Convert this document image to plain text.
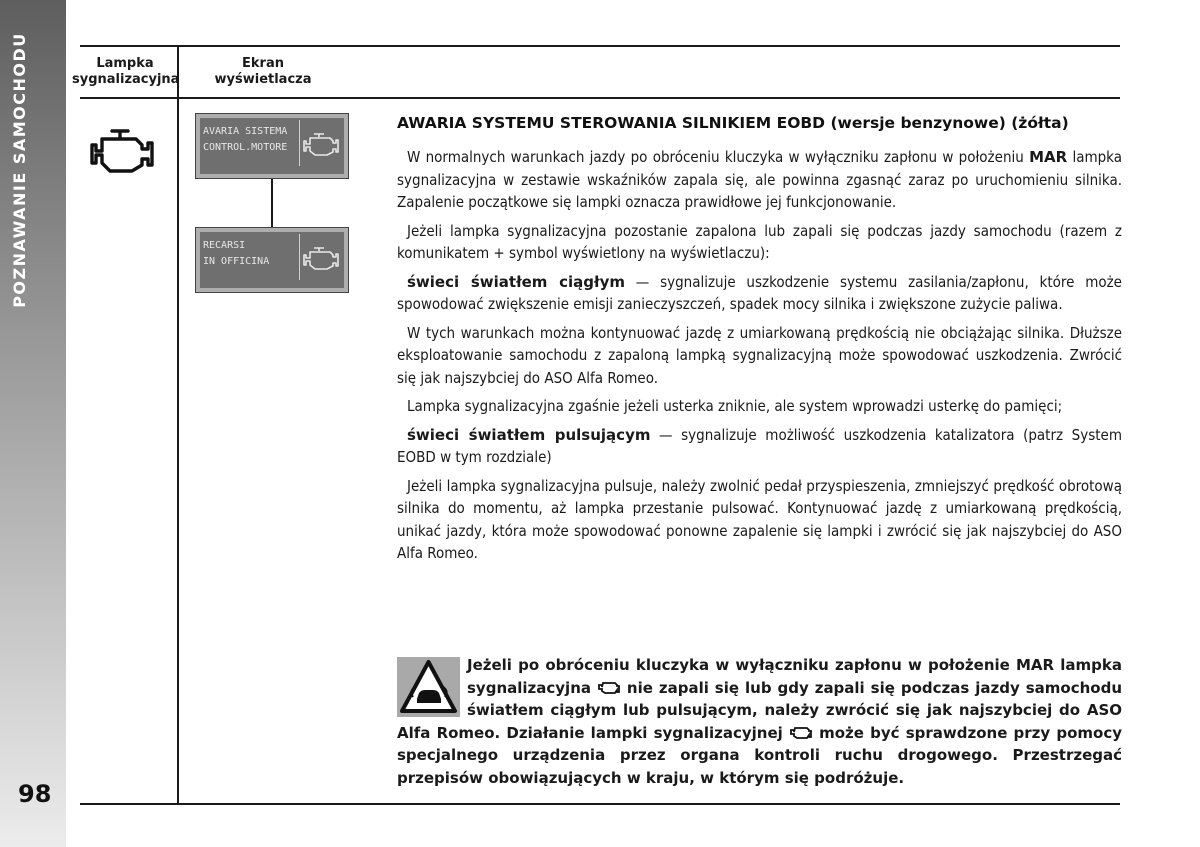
POZNAWANIE SAMOCHODU
98
Lampka
sygnalizacyjna
Ekran
wyświetlacza
AVARIA SISTEMA
CONTROL.MOTORE
RECARSI
IN OFFICINA
AWARIA SYSTEMU STEROWANIA SILNIKIEM EOBD (wersje benzynowe) (żółta)

W normalnych warunkach jazdy po obróceniu kluczyka w wyłączniku zapłonu w położeniu MAR lampka sygnalizacyjna w zestawie wskaźników zapala się, ale powinna zgasnąć zaraz po uruchomieniu silnika. Zapalenie początkowe się lampki oznacza prawidłowe jej funkcjonowanie.

Jeżeli lampka sygnalizacyjna pozostanie zapalona lub zapali się podczas jazdy samochodu (razem z komunikatem + symbol wyświetlony na wyświetlaczu):

świeci światłem ciągłym — sygnalizuje uszkodzenie systemu zasilania/zapłonu, które może spowodować zwiększenie emisji zanieczyszczeń, spadek mocy silnika i zwiększone zużycie paliwa.

W tych warunkach można kontynuować jazdę z umiarkowaną prędkością nie obciążając silnika. Dłuższe eksploatowanie samochodu z zapaloną lampką sygnalizacyjną może spowodować uszkodzenia. Zwrócić się jak najszybciej do ASO Alfa Romeo.

Lampka sygnalizacyjna zgaśnie jeżeli usterka zniknie, ale system wprowadzi usterkę do pamięci;

świeci światłem pulsującym — sygnalizuje możliwość uszkodzenia katalizatora (patrz System EOBD w tym rozdziale)

Jeżeli lampka sygnalizacyjna pulsuje, należy zwolnić pedał przyspieszenia, zmniejszyć prędkość obrotową silnika do momentu, aż lampka przestanie pulsować. Kontynuować jazdę z umiarkowaną prędkością, unikać jazdy, która może spowodować ponowne zapalenie się lampki i zwrócić się jak najszybciej do ASO Alfa Romeo.

Jeżeli po obróceniu kluczyka w wyłączniku zapłonu w położenie MAR lampka sygnalizacyjna  nie zapali się lub gdy zapali się podczas jazdy samochodu światłem ciągłym lub pulsującym, należy zwrócić się jak najszybciej do ASO Alfa Romeo. Działanie lampki sygnalizacyjnej  może być sprawdzone przy pomocy specjalnego urządzenia przez organa kontroli ruchu drogowego. Przestrzegać przepisów obowiązujących w kraju, w którym się podróżuje.
